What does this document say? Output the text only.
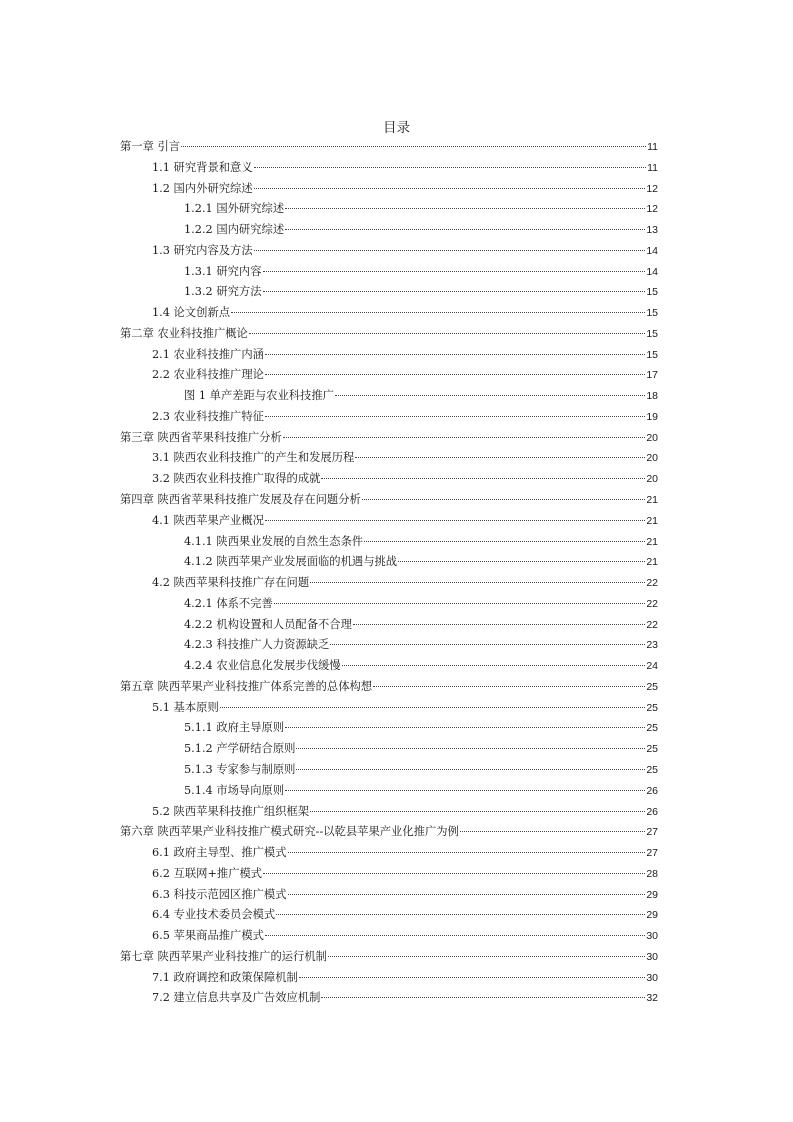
目录
第一章 引言	11
1.1 研究背景和意义	11
1.2 国内外研究综述	12
1.2.1 国外研究综述	12
1.2.2 国内研究综述	13
1.3 研究内容及方法	14
1.3.1 研究内容	14
1.3.2 研究方法	15
1.4 论文创新点	15
第二章 农业科技推广概论	15
2.1 农业科技推广内涵	15
2.2 农业科技推广理论	17
图 1 单产差距与农业科技推广	18
2.3 农业科技推广特征	19
第三章 陕西省苹果科技推广分析	20
3.1 陕西农业科技推广的产生和发展历程	20
3.2 陕西农业科技推广取得的成就	20
第四章 陕西省苹果科技推广发展及存在问题分析	21
4.1 陕西苹果产业概况	21
4.1.1 陕西果业发展的自然生态条件	21
4.1.2 陕西苹果产业发展面临的机遇与挑战	21
4.2 陕西苹果科技推广存在问题	22
4.2.1 体系不完善	22
4.2.2 机构设置和人员配备不合理	22
4.2.3 科技推广人力资源缺乏	23
4.2.4 农业信息化发展步伐缓慢	24
第五章 陕西苹果产业科技推广体系完善的总体构想	25
5.1 基本原则	25
5.1.1 政府主导原则	25
5.1.2 产学研结合原则	25
5.1.3 专家参与制原则	25
5.1.4 市场导向原则	26
5.2 陕西苹果科技推广组织框架	26
第六章 陕西苹果产业科技推广模式研究--以乾县苹果产业化推广为例	27
6.1 政府主导型、推广模式	27
6.2 互联网+推广模式	28
6.3 科技示范园区推广模式	29
6.4 专业技术委员会模式	29
6.5 苹果商品推广模式	30
第七章 陕西苹果产业科技推广的运行机制	30
7.1 政府调控和政策保障机制	30
7.2 建立信息共享及广告效应机制	32
